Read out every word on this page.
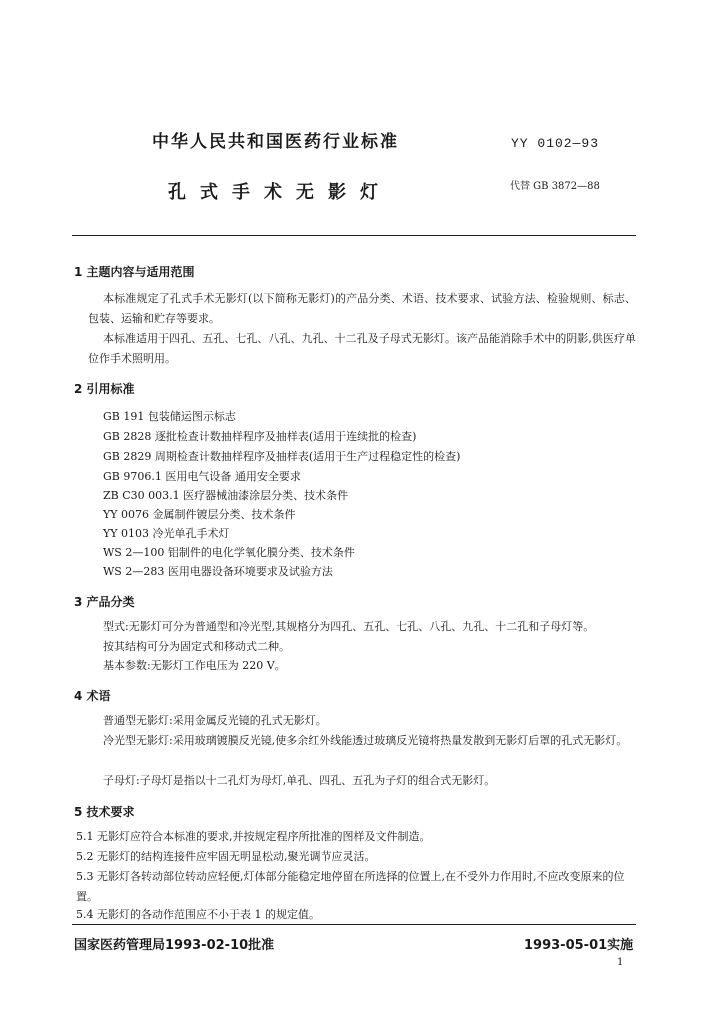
中华人民共和国医药行业标准	YY 0102—93
孔式手术无影灯	代替 GB 3872—88
1 主题内容与适用范围
本标准规定了孔式手术无影灯(以下简称无影灯)的产品分类、术语、技术要求、试验方法、检验规则、标志、包装、运输和贮存等要求。
本标准适用于四孔、五孔、七孔、八孔、九孔、十二孔及子母式无影灯。该产品能消除手术中的阴影,供医疗单位作手术照明用。
2 引用标准
GB 191 包装储运图示标志
GB 2828 逐批检查计数抽样程序及抽样表(适用于连续批的检查)
GB 2829 周期检查计数抽样程序及抽样表(适用于生产过程稳定性的检查)
GB 9706.1 医用电气设备 通用安全要求
ZB C30 003.1 医疗器械油漆涂层分类、技术条件
YY 0076 金属制件镀层分类、技术条件
YY 0103 冷光单孔手术灯
WS 2—100 铝制件的电化学氧化膜分类、技术条件
WS 2—283 医用电器设备环境要求及试验方法
3 产品分类
型式:无影灯可分为普通型和冷光型,其规格分为四孔、五孔、七孔、八孔、九孔、十二孔和子母灯等。
按其结构可分为固定式和移动式二种。
基本参数:无影灯工作电压为 220 V。
4 术语
普通型无影灯:采用金属反光镜的孔式无影灯。
冷光型无影灯:采用玻璃镀膜反光镜,使多余红外线能透过玻璃反光镜将热量发散到无影灯后罩的孔式无影灯。
子母灯:子母灯是指以十二孔灯为母灯,单孔、四孔、五孔为子灯的组合式无影灯。
5 技术要求
5.1 无影灯应符合本标准的要求,并按规定程序所批准的图样及文件制造。
5.2 无影灯的结构连接件应牢固无明显松动,聚光调节应灵活。
5.3 无影灯各转动部位转动应轻便,灯体部分能稳定地停留在所选择的位置上,在不受外力作用时,不应改变原来的位置。
5.4 无影灯的各动作范围应不小于表 1 的规定值。
国家医药管理局1993-02-10批准	1993-05-01实施
1
